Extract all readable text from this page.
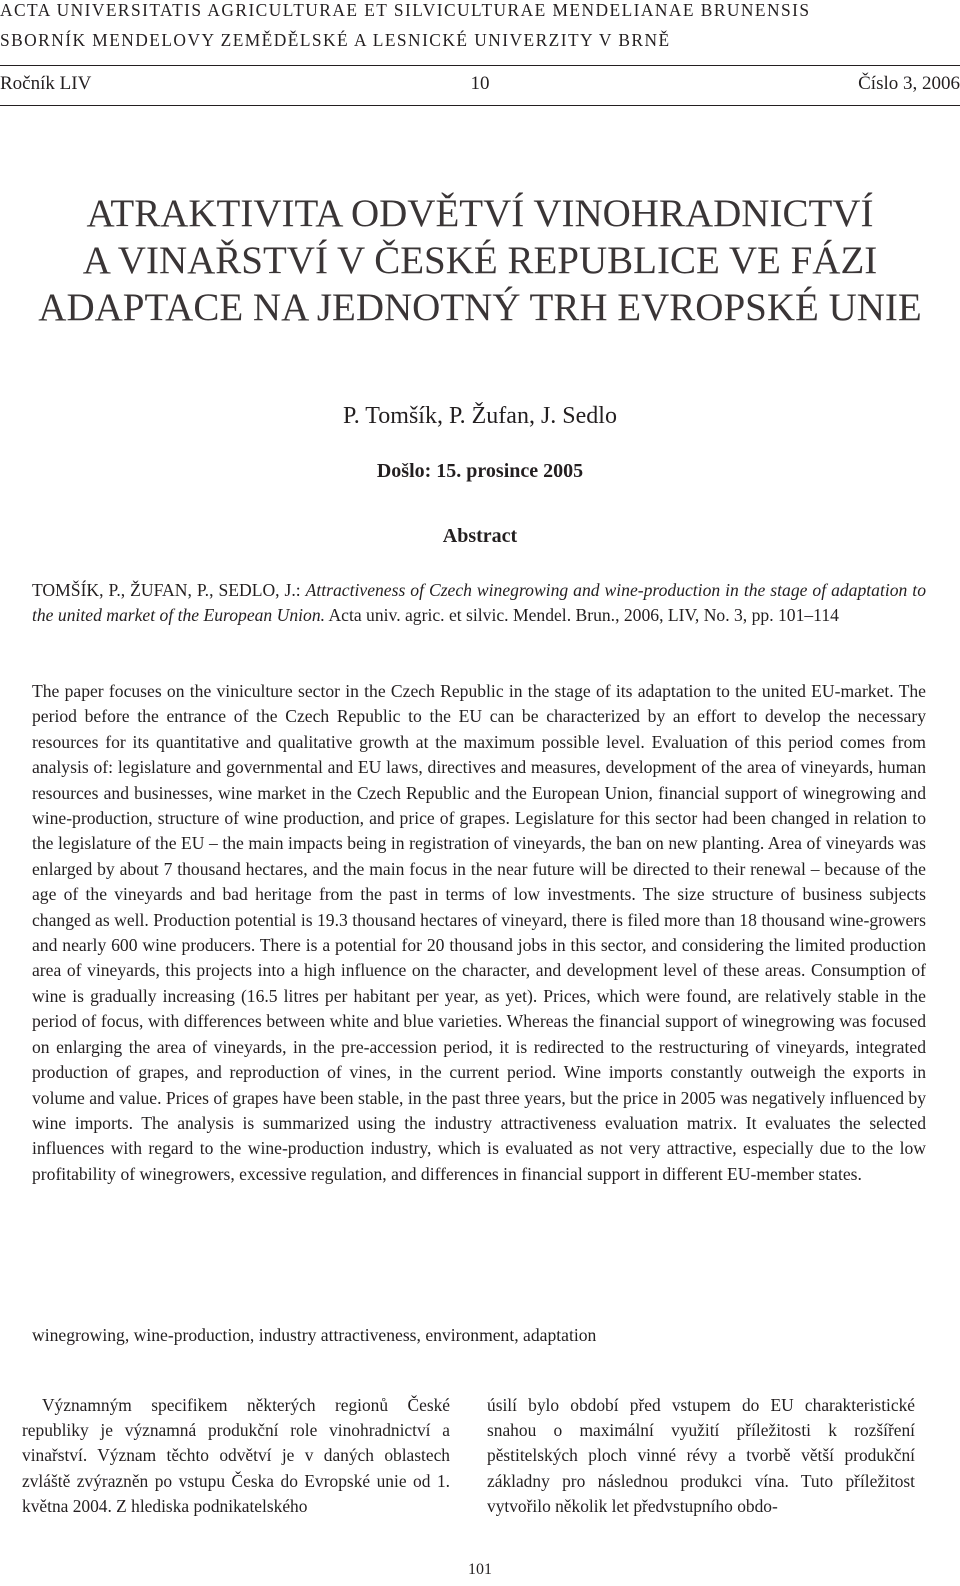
ACTA UNIVERSITATIS AGRICULTURAE ET SILVICULTURAE MENDELIANAE BRUNENSIS
SBORNÍK MENDELOVY ZEMĚDĚLSKÉ A LESNICKÉ UNIVERZITY V BRNĚ
Ročník LIV	10	Číslo 3, 2006
ATRAKTIVITA ODVĚTVÍ VINOHRADNICTVÍ
A VINAŘSTVÍ V ČESKÉ REPUBLICE VE FÁZI
ADAPTACE NA JEDNOTNÝ TRH EVROPSKÉ UNIE
P. Tomšík, P. Žufan, J. Sedlo
Došlo: 15. prosince 2005
Abstract
TOMŠÍK, P., ŽUFAN, P., SEDLO, J.: Attractiveness of Czech winegrowing and wine-production in the stage of adaptation to the united market of the European Union. Acta univ. agric. et silvic. Mendel. Brun., 2006, LIV, No. 3, pp. 101–114
The paper focuses on the viniculture sector in the Czech Republic in the stage of its adaptation to the united EU-market. The period before the entrance of the Czech Republic to the EU can be characterized by an effort to develop the necessary resources for its quantitative and qualitative growth at the maximum possible level. Evaluation of this period comes from analysis of: legislature and governmental and EU laws, directives and measures, development of the area of vineyards, human resources and businesses, wine market in the Czech Republic and the European Union, financial support of winegrowing and wine-production, structure of wine production, and price of grapes. Legislature for this sector had been changed in relation to the legislature of the EU – the main impacts being in registration of vineyards, the ban on new planting. Area of vineyards was enlarged by about 7 thousand hectares, and the main focus in the near future will be directed to their renewal – because of the age of the vineyards and bad heritage from the past in terms of low investments. The size structure of business subjects changed as well. Production potential is 19.3 thousand hectares of vineyard, there is filed more than 18 thousand wine-growers and nearly 600 wine producers. There is a potential for 20 thousand jobs in this sector, and considering the limited production area of vineyards, this projects into a high influence on the character, and development level of these areas. Consumption of wine is gradually increasing (16.5 litres per habitant per year, as yet). Prices, which were found, are relatively stable in the period of focus, with differences between white and blue varieties. Whereas the financial support of winegrowing was focused on enlarging the area of vineyards, in the pre-accession period, it is redirected to the restructuring of vineyards, integrated production of grapes, and reproduction of vines, in the current period. Wine imports constantly outweigh the exports in volume and value. Prices of grapes have been stable, in the past three years, but the price in 2005 was negatively influenced by wine imports. The analysis is summarized using the industry attractiveness evaluation matrix. It evaluates the selected influences with regard to the wine-production industry, which is evaluated as not very attractive, especially due to the low profitability of winegrowers, excessive regulation, and differences in financial support in different EU-member states.
winegrowing, wine-production, industry attractiveness, environment, adaptation
Významným specifikem některých regionů České republiky je významná produkční role vinohradnictví a vinařství. Význam těchto odvětví je v daných oblastech zvláště zvýrazněn po vstupu Česka do Evropské unie od 1. května 2004. Z hlediska podnikatelského
úsilí bylo období před vstupem do EU charakteristické snahou o maximální využití příležitosti k rozšíření pěstitelských ploch vinné révy a tvorbě větší produkční základny pro následnou produkci vína. Tuto příležitost vytvořilo několik let předvstupního obdo-
101
